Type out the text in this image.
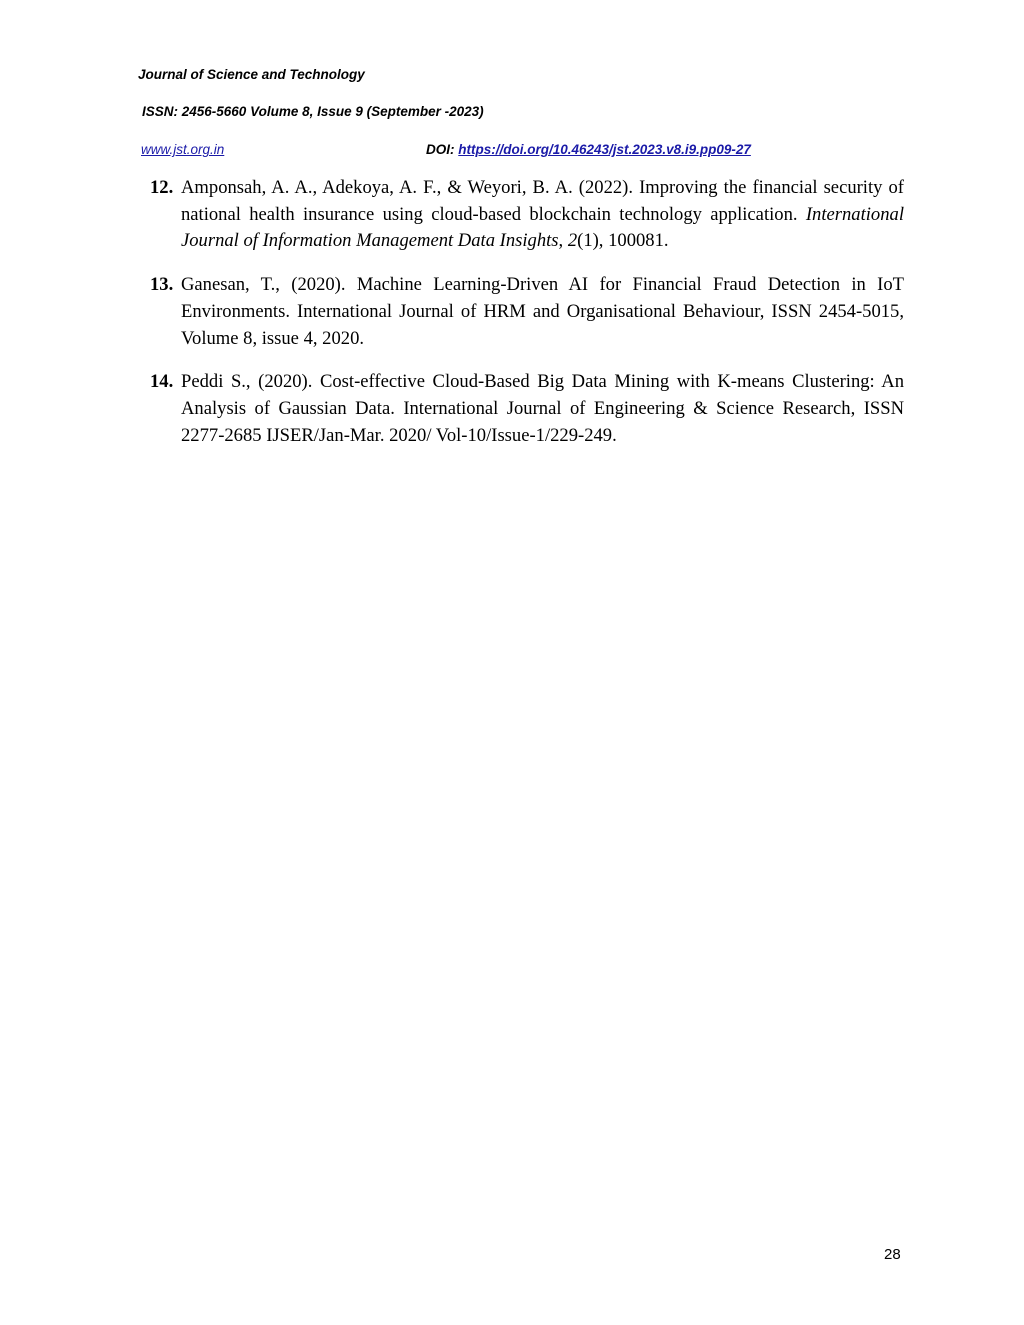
Journal of Science and Technology
ISSN: 2456-5660 Volume 8, Issue 9 (September -2023)
www.jst.org.in	DOI: https://doi.org/10.46243/jst.2023.v8.i9.pp09-27
12. Amponsah, A. A., Adekoya, A. F., & Weyori, B. A. (2022). Improving the financial security of national health insurance using cloud-based blockchain technology application. International Journal of Information Management Data Insights, 2(1), 100081.
13. Ganesan, T., (2020). Machine Learning-Driven AI for Financial Fraud Detection in IoT Environments. International Journal of HRM and Organisational Behaviour, ISSN 2454-5015, Volume 8, issue 4, 2020.
14. Peddi S., (2020). Cost-effective Cloud-Based Big Data Mining with K-means Clustering: An Analysis of Gaussian Data. International Journal of Engineering & Science Research, ISSN 2277-2685 IJSER/Jan-Mar. 2020/ Vol-10/Issue-1/229-249.
28
